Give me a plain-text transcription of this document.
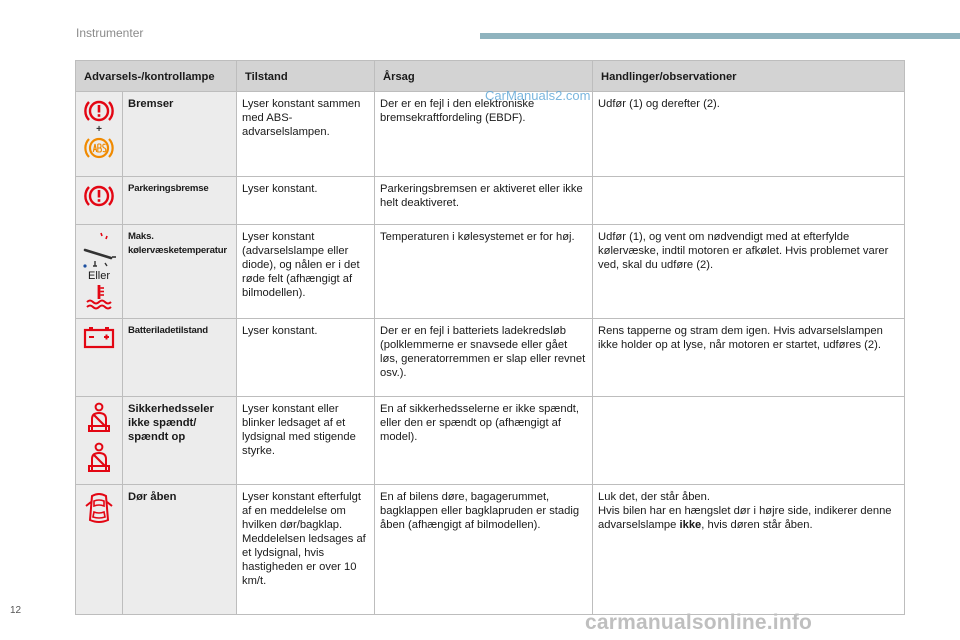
Instrumenter
Advarsels-/kontrollampe		Tilstand	Årsag	Handlinger/observationer

+	Bremser	Lyser konstant sammen med ABS-advarselslampen.	Der er en fejl i den elektroniske bremsekraftfordeling (EBDF).	Udfør (1) og derefter (2).

	Parkeringsbremse	Lyser konstant.	Parkeringsbremsen er aktiveret eller ikke helt deaktiveret.	

Eller	Maks. kølervæsketemperatur	Lyser konstant (advarselslampe eller diode), og nålen er i det røde felt (afhængigt af bilmodellen).	Temperaturen i kølesystemet er for høj.	Udfør (1), og vent om nødvendigt med at efterfylde kølervæske, indtil motoren er afkølet. Hvis problemet varer ved, skal du udføre (2).

	Batteriladetilstand	Lyser konstant.	Der er en fejl i batteriets ladekredsløb (polklemmerne er snavsede eller gået løs, generatorremmen er slap eller revnet osv.).	Rens tapperne og stram dem igen. Hvis advarselslampen ikke holder op at lyse, når motoren er startet, udføres (2).

	Sikkerhedsseler ikke spændt/ spændt op	Lyser konstant eller blinker ledsaget af et lydsignal med stigende styrke.	En af sikkerhedsselerne er ikke spændt, eller den er spændt op (afhængigt af model).	

	Dør åben	Lyser konstant efterfulgt af en meddelelse om hvilken dør/bagklap. Meddelelsen ledsages af et lydsignal, hvis hastigheden er over 10 km/t.	En af bilens døre, bagagerummet, bagklappen eller bagklapruden er stadig åben (afhængigt af bilmodellen).	Luk det, der står åben.
Hvis bilen har en hængslet dør i højre side, indikerer denne advarselslampe ikke, hvis døren står åben.
CarManuals2.com
12
carmanualsonline.info
